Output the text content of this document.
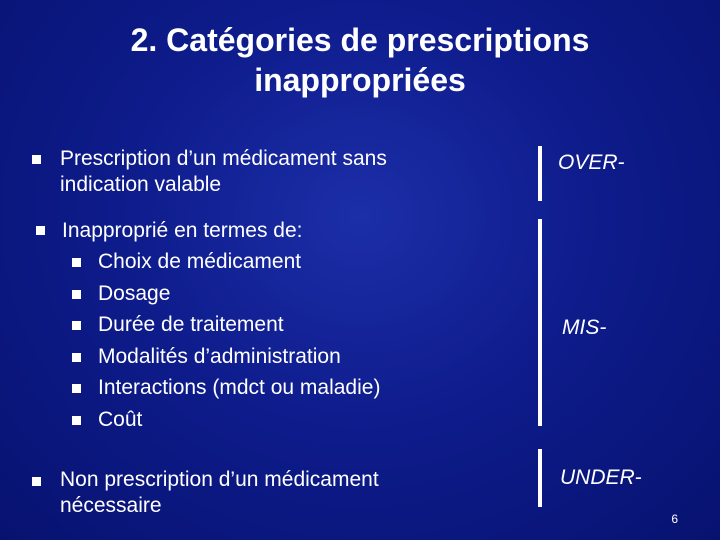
2. Catégories de prescriptions
inappropriées
Prescription d’un médicament sans
indication valable
Inapproprié en termes de:
Choix de médicament
Dosage
Durée de traitement
Modalités d’administration
Interactions (mdct ou maladie)
Coût
Non prescription d’un médicament
nécessaire
OVER-
MIS-
UNDER-
6
